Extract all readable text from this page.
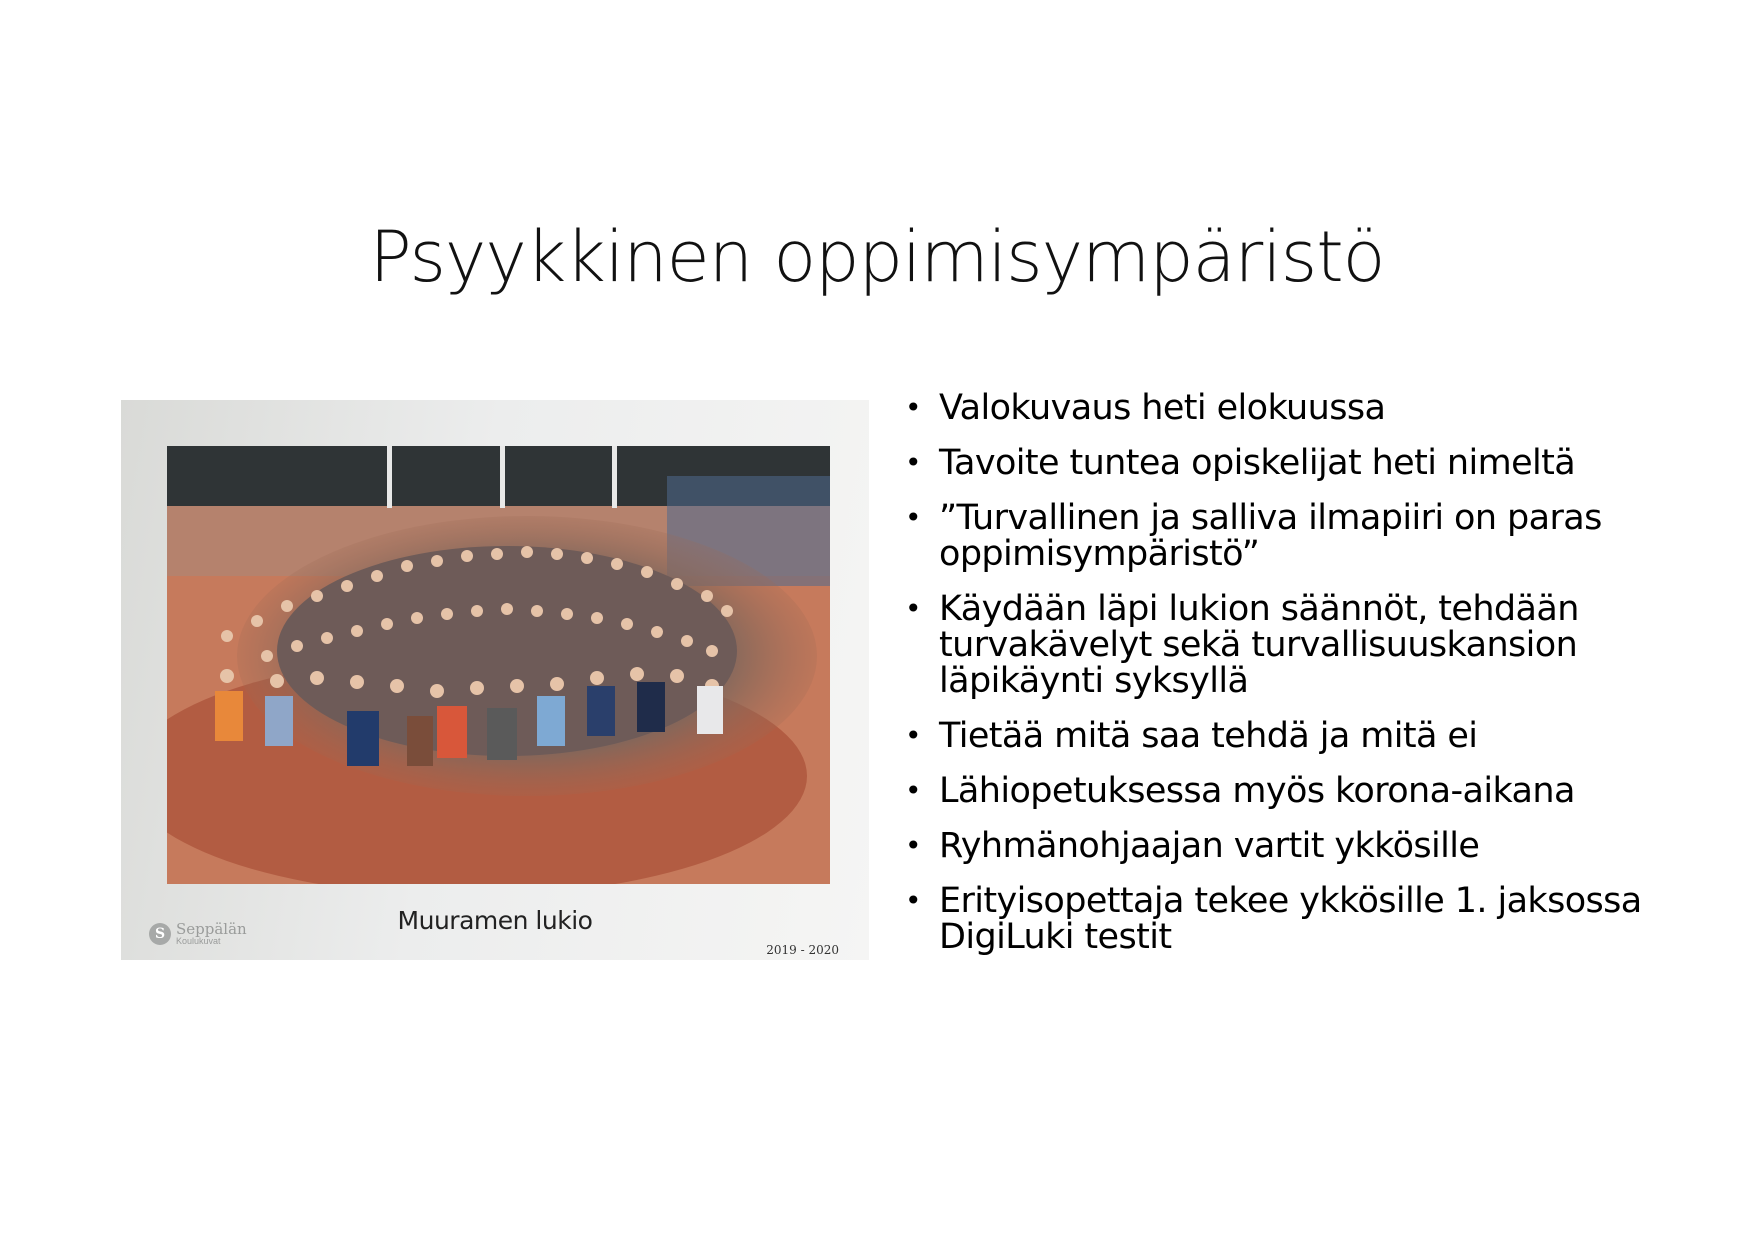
Psyykkinen oppimisympäristö
Muuramen lukio
S Seppälän
Koulukuvat
2019 - 2020
• Valokuvaus heti elokuussa
• Tavoite tuntea opiskelijat heti nimeltä
• ”Turvallinen ja salliva ilmapiiri on paras oppimisympäristö”
• Käydään läpi lukion säännöt, tehdään turvakävelyt sekä turvallisuuskansion läpikäynti syksyllä
• Tietää mitä saa tehdä ja mitä ei
• Lähiopetuksessa myös korona-aikana
• Ryhmänohjaajan vartit ykkösille
• Erityisopettaja tekee ykkösille 1. jaksossa DigiLuki testit
